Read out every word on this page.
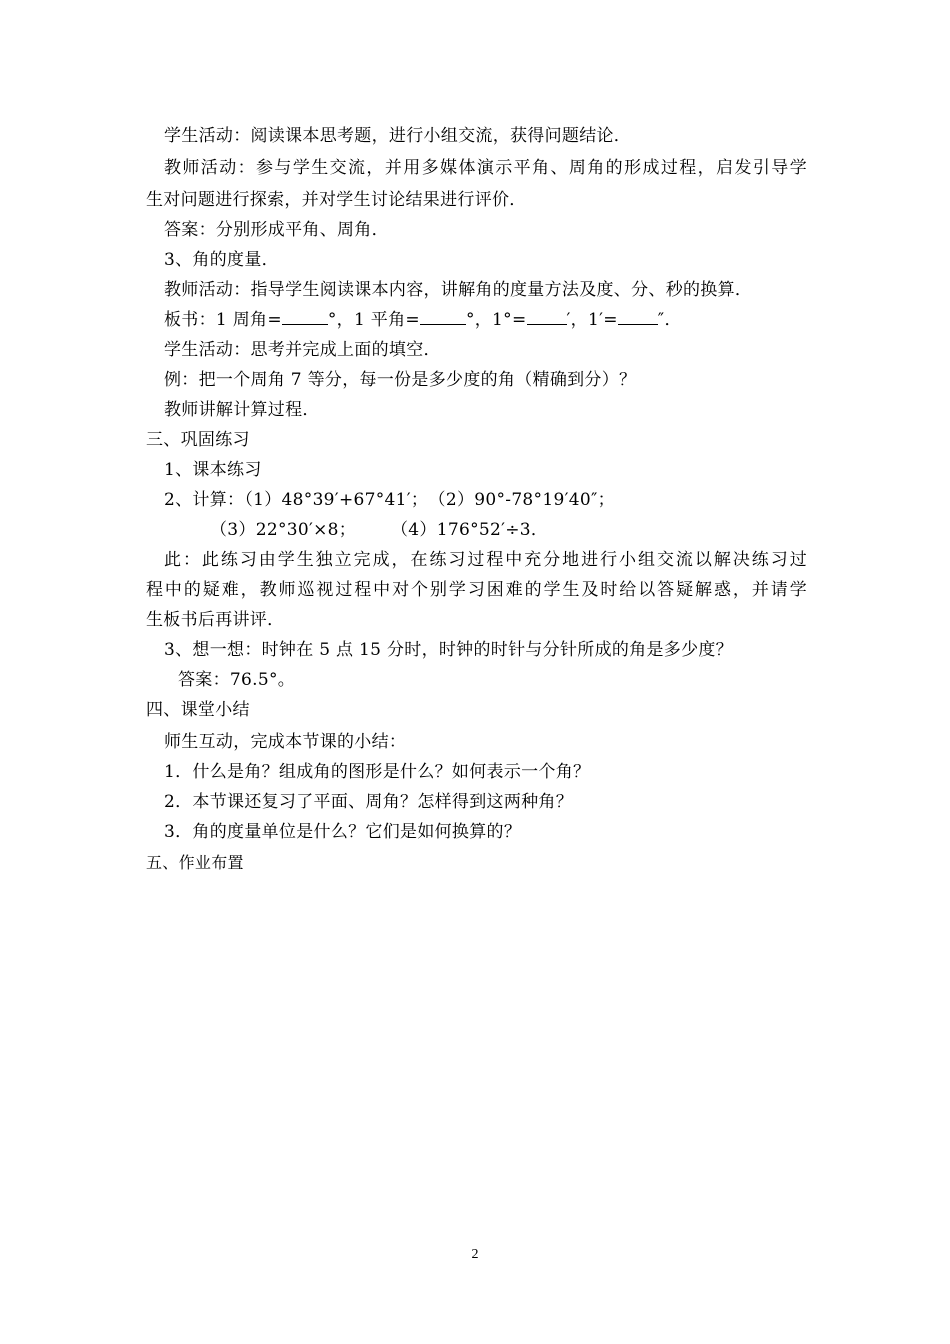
学生活动：阅读课本思考题，进行小组交流，获得问题结论．
教师活动：参与学生交流，并用多媒体演示平角、周角的形成过程，启发引导学
生对问题进行探索，并对学生讨论结果进行评价．
答案：分别形成平角、周角．
3、角的度量．
教师活动：指导学生阅读课本内容，讲解角的度量方法及度、分、秒的换算．
板书：1 周角=	°，1 平角=	°，1°= ′，1′= ″．
学生活动：思考并完成上面的填空．
例：把一个周角 7 等分，每一份是多少度的角（精确到分）？
教师讲解计算过程．
三、巩固练习
1、课本练习
2、计算：（1）48°39′+67°41′；　（2）90°-78°19′40″；
（3）22°30′×8；　　　（4）176°52′÷3．
此：此练习由学生独立完成，在练习过程中充分地进行小组交流以解决练习过
程中的疑难，教师巡视过程中对个别学习困难的学生及时给以答疑解惑，并请学
生板书后再讲评．
3、想一想：时钟在 5 点 15 分时，时钟的时针与分针所成的角是多少度？
答案：76.5°。
四、课堂小结
师生互动，完成本节课的小结：
1．什么是角？组成角的图形是什么？如何表示一个角？
2．本节课还复习了平面、周角？怎样得到这两种角？
3．角的度量单位是什么？它们是如何换算的？
五、作业布置
2
